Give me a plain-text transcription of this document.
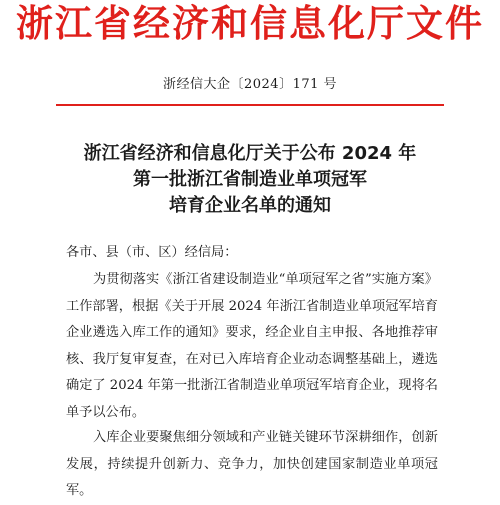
浙江省经济和信息化厅文件
浙经信大企〔2024〕171 号
浙江省经济和信息化厅关于公布 2024 年
第一批浙江省制造业单项冠军
培育企业名单的通知
各市、县（市、区）经信局：
为贯彻落实《浙江省建设制造业“单项冠军之省”实施方案》工作部署，根据《关于开展 2024 年浙江省制造业单项冠军培育企业遴选入库工作的通知》要求，经企业自主申报、各地推荐审核、我厅复审复查，在对已入库培育企业动态调整基础上，遴选确定了 2024 年第一批浙江省制造业单项冠军培育企业，现将名单予以公布。
入库企业要聚焦细分领域和产业链关键环节深耕细作，创新发展，持续提升创新力、竞争力，加快创建国家制造业单项冠军。
